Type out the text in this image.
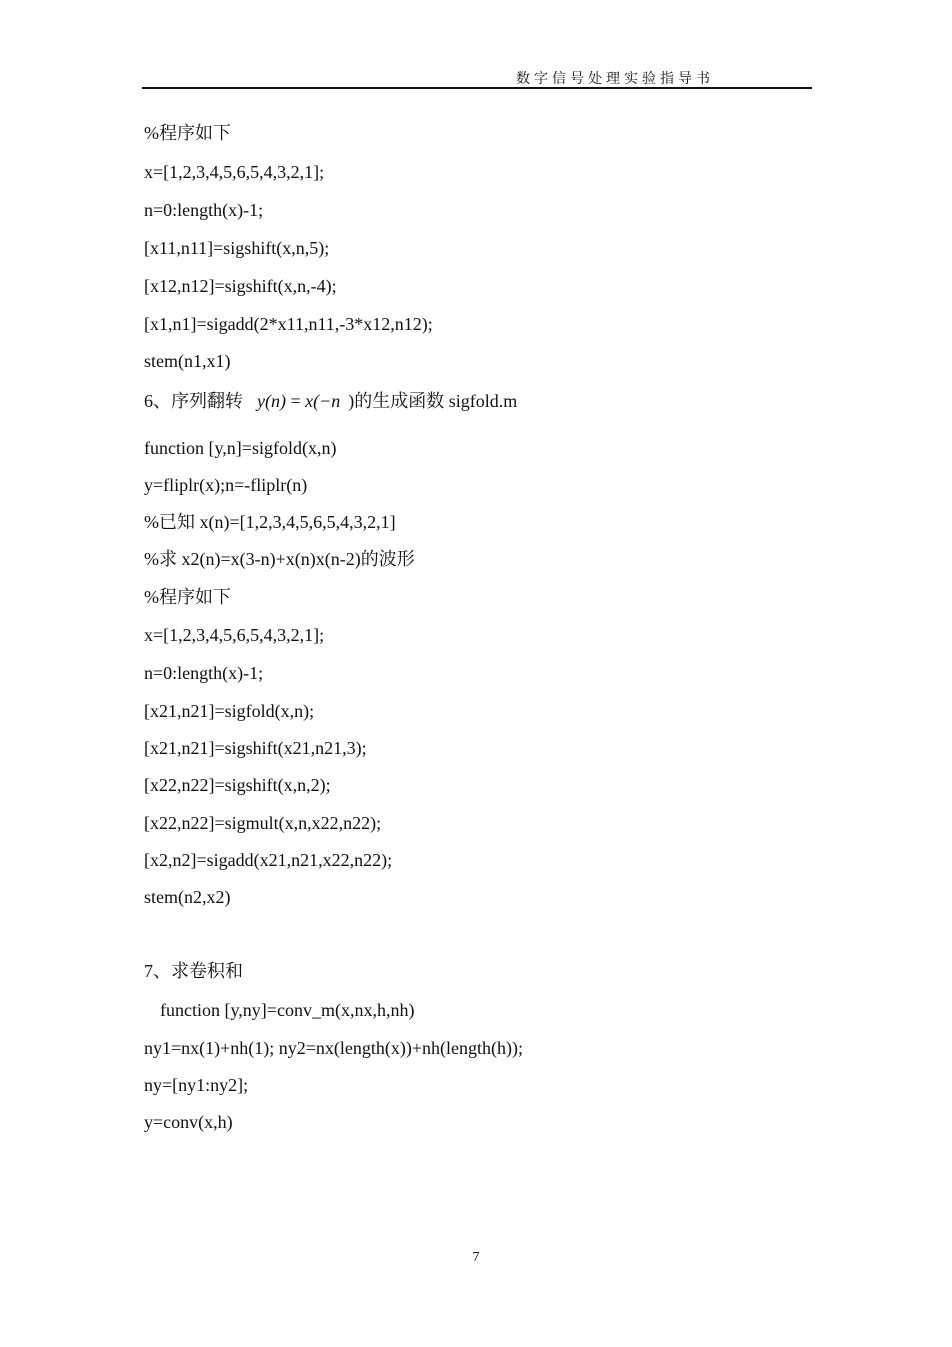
数字信号处理实验指导书
%程序如下
x=[1,2,3,4,5,6,5,4,3,2,1];
n=0:length(x)-1;
[x11,n11]=sigshift(x,n,5);
[x12,n12]=sigshift(x,n,-4);
[x1,n1]=sigadd(2*x11,n11,-3*x12,n12);
stem(n1,x1)
6、序列翻转 y(n) = x(−n )的生成函数 sigfold.m
function [y,n]=sigfold(x,n)
y=fliplr(x);n=-fliplr(n)
%已知 x(n)=[1,2,3,4,5,6,5,4,3,2,1]
%求 x2(n)=x(3-n)+x(n)x(n-2)的波形
%程序如下
x=[1,2,3,4,5,6,5,4,3,2,1];
n=0:length(x)-1;
[x21,n21]=sigfold(x,n);
[x21,n21]=sigshift(x21,n21,3);
[x22,n22]=sigshift(x,n,2);
[x22,n22]=sigmult(x,n,x22,n22);
[x2,n2]=sigadd(x21,n21,x22,n22);
stem(n2,x2)
7、求卷积和
function [y,ny]=conv_m(x,nx,h,nh)
ny1=nx(1)+nh(1); ny2=nx(length(x))+nh(length(h));
ny=[ny1:ny2];
y=conv(x,h)
7
